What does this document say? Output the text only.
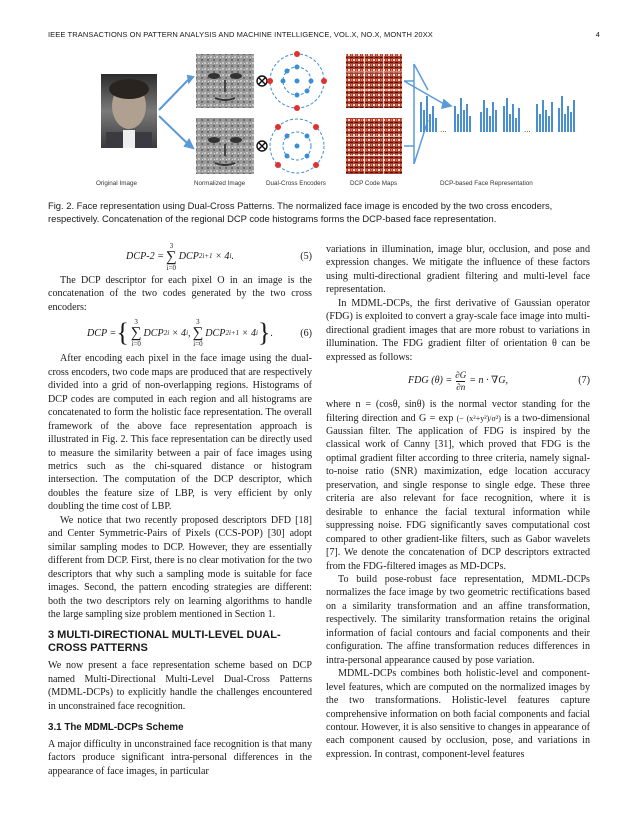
IEEE TRANSACTIONS ON PATTERN ANALYSIS AND MACHINE INTELLIGENCE, VOL.X, NO.X, MONTH 20XX	4
...	...
Original Image	Normalized Image	Dual-Cross Encoders	DCP Code Maps	DCP-based Face Representation
Fig. 2. Face representation using Dual-Cross Patterns. The normalized face image is encoded by the two cross encoders, respectively. Concatenation of the regional DCP code histograms forms the DCP-based face representation.
DCP-2 =
3
∑
i=0
DCP 2i+1
× 4 i .	(5)

The DCP descriptor for each pixel O in an image is the concatenation of the two codes generated by the two cross encoders:

DCP = { 3
∑
i=0
DCP 2i
× 4 i ,
3
∑
i=0
DCP 2i+1
× 4 i } .	(6)

After encoding each pixel in the face image using the dual-cross encoders, two code maps are produced that are respectively divided into a grid of non-overlapping regions. Histograms of DCP codes are computed in each region and all histograms are concatenated to form the holistic face representation. The overall framework of the above face representation approach is illustrated in Fig. 2. This face representation can be directly used to measure the similarity between a pair of face images using metrics such as the chi-squared distance or histogram intersection. The computation of the DCP descriptor, which doubles the feature size of LBP, is very efficient by only doubling the time cost of LBP.

We notice that two recently proposed descriptors DFD [18] and Center Symmetric-Pairs of Pixels (CCS-POP) [30] adopt similar sampling modes to DCP. However, they are essentially different from DCP. First, there is no clear motivation for the two descriptors that why such a sampling mode is suitable for face images. Second, the pattern encoding strategies are different: both the two descriptors rely on learning algorithms to handle the large sampling size problem mentioned in Section 1.

3 MULTI-DIRECTIONAL MULTI-LEVEL DUAL-CROSS PATTERNS

We now present a face representation scheme based on DCP named Multi-Directional Multi-Level Dual-Cross Patterns (MDML-DCPs) to explicitly handle the challenges encountered in unconstrained face recognition.

3.1 The MDML-DCPs Scheme

A major difficulty in unconstrained face recognition is that many factors produce significant intra-personal differences in the appearance of face images, in particular

variations in illumination, image blur, occlusion, and pose and expression changes. We mitigate the influence of these factors using multi-directional gradient filtering and multi-level face representation.

In MDML-DCPs, the first derivative of Gaussian operator (FDG) is exploited to convert a gray-scale face image into multi-directional gradient images that are more robust to variations in illumination. The FDG gradient filter of orientation θ can be expressed as follows:

FDG $(\theta) = \frac{\partial G}{\partial n} = n \cdot \nabla G$,	(7)

where n = (cosθ, sinθ) is the normal vector standing for the filtering direction and G = exp (− (x²+y²)/σ²) is a two-dimensional Gaussian filter. The application of FDG is inspired by the classical work of Canny [31], which proved that FDG is the optimal gradient filter according to three criteria, namely signal-to-noise ratio (SNR) maximization, edge location accuracy preservation, and single response to single edge. These three criteria are also relevant for face recognition, where it is desirable to enhance the facial textural information while suppressing noise. FDG significantly saves computational cost compared to other gradient-like filters, such as Gabor wavelets [7]. We denote the concatenation of DCP descriptors extracted from the FDG-filtered images as MD-DCPs.

To build pose-robust face representation, MDML-DCPs normalizes the face image by two geometric rectifications based on a similarity transformation and an affine transformation, respectively. The similarity transformation retains the original information of facial contours and facial components and their configuration. The affine transformation reduces differences in intra-personal appearance caused by pose variation.

MDML-DCPs combines both holistic-level and component-level features, which are computed on the normalized images by the two transformations. Holistic-level features capture comprehensive information on both facial components and facial contour. However, it is also sensitive to changes in appearance of each component caused by occlusion, pose, and variations in expression. In contrast, component-level features
